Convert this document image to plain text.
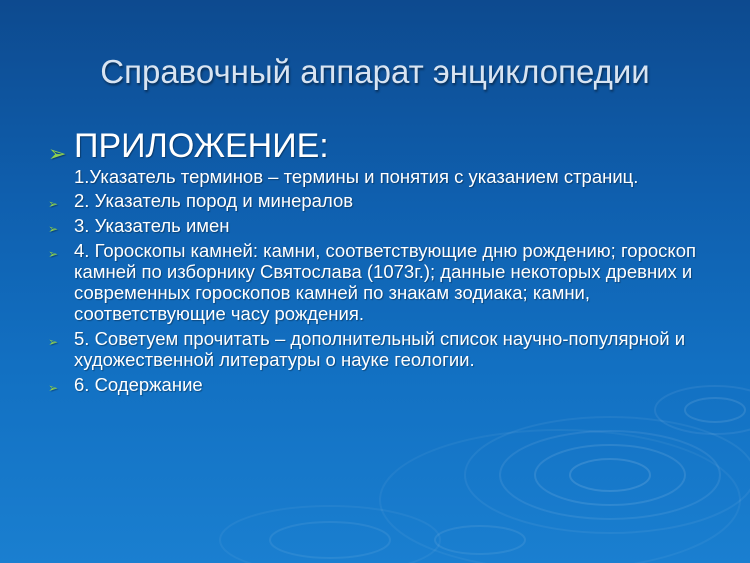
Справочный аппарат энциклопедии
➢ ПРИЛОЖЕНИЕ:
1.Указатель терминов – термины и понятия с указанием страниц.
➢ 2. Указатель пород и минералов
➢ 3. Указатель имен
➢ 4. Гороскопы камней: камни, соответствующие дню рождению; гороскоп камней по изборнику Святослава (1073г.); данные некоторых древних и современных гороскопов камней по знакам зодиака; камни, соответствующие часу рождения.
➢ 5. Советуем прочитать – дополнительный список научно-популярной и художественной литературы о науке геологии.
➢ 6. Содержание
